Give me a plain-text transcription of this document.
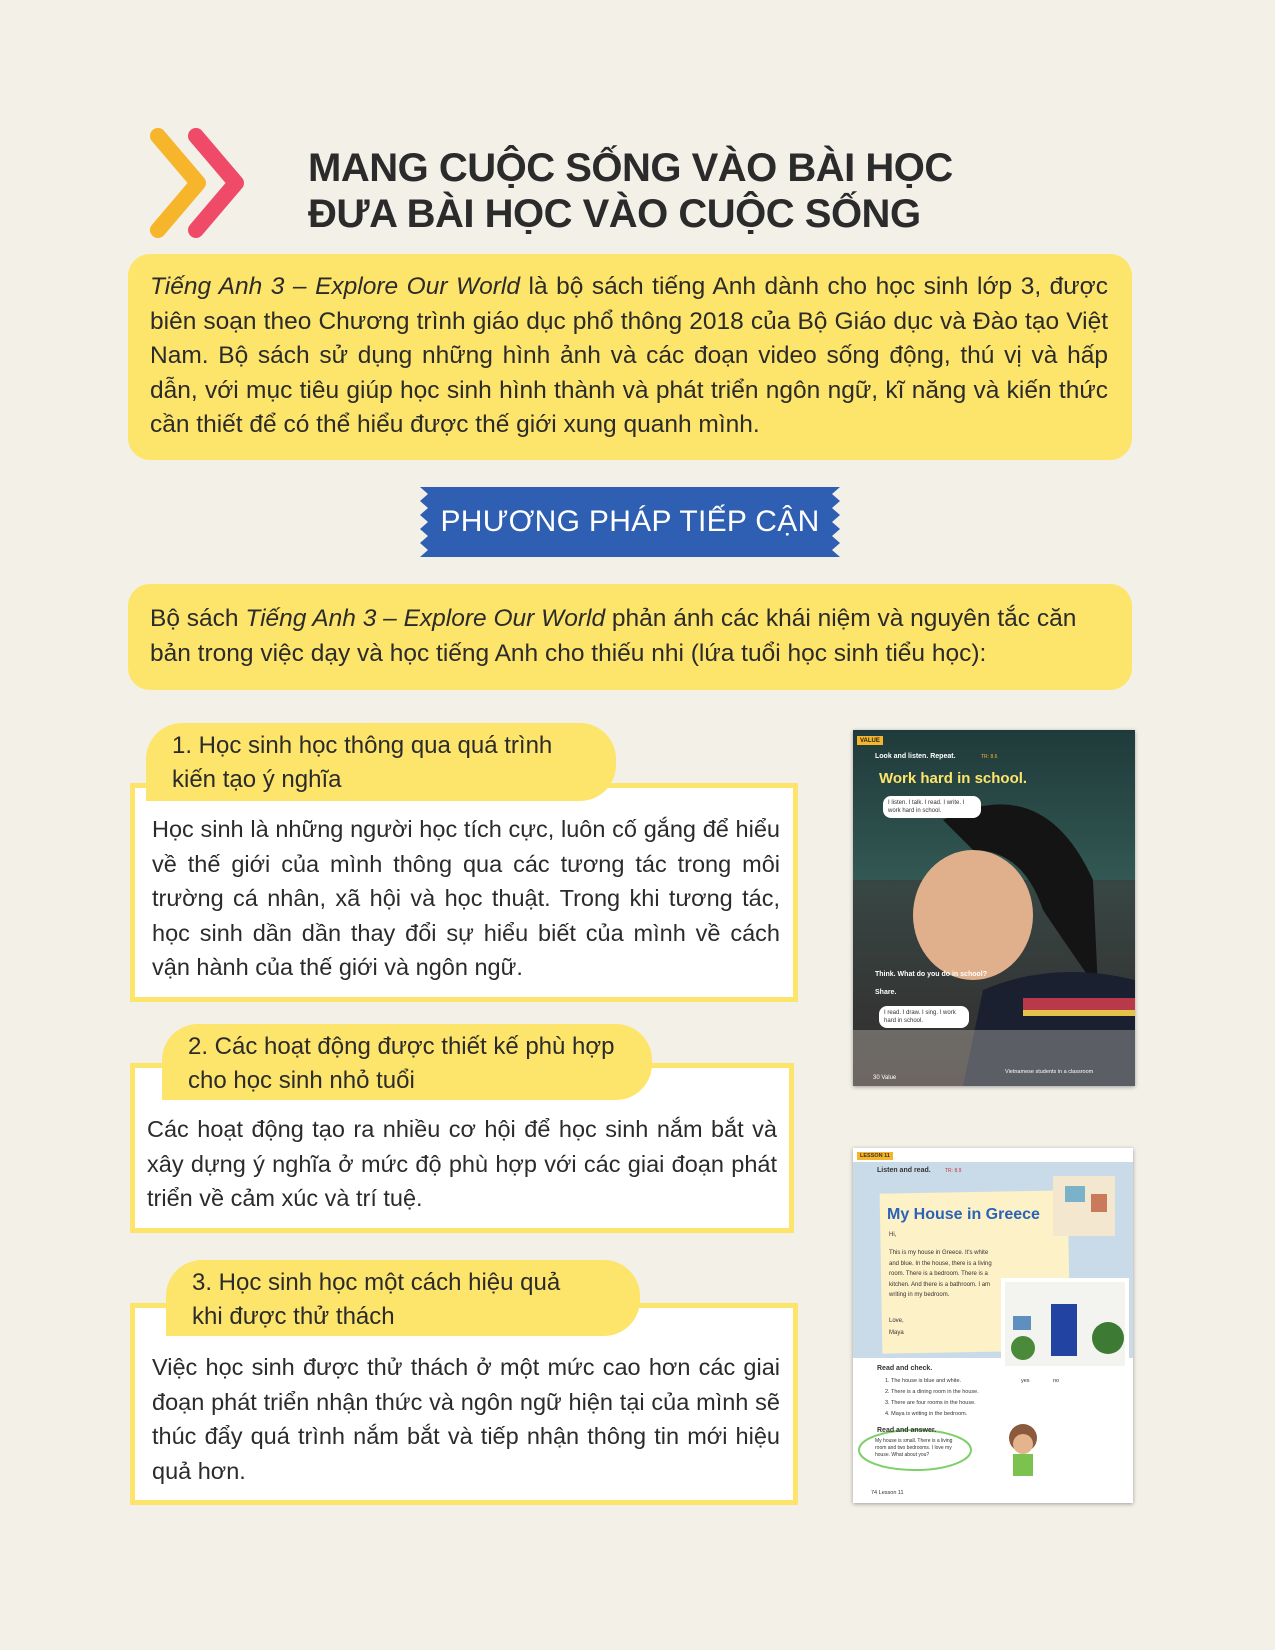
MANG CUỘC SỐNG VÀO BÀI HỌC
ĐƯA BÀI HỌC VÀO CUỘC SỐNG
Tiếng Anh 3 – Explore Our World là bộ sách tiếng Anh dành cho học sinh lớp 3, được biên soạn theo Chương trình giáo dục phổ thông 2018 của Bộ Giáo dục và Đào tạo Việt Nam. Bộ sách sử dụng những hình ảnh và các đoạn video sống động, thú vị và hấp dẫn, với mục tiêu giúp học sinh hình thành và phát triển ngôn ngữ, kĩ năng và kiến thức cần thiết để có thể hiểu được thế giới xung quanh mình.
PHƯƠNG PHÁP TIẾP CẬN
Bộ sách Tiếng Anh 3 – Explore Our World phản ánh các khái niệm và nguyên tắc căn bản trong việc dạy và học tiếng Anh cho thiếu nhi (lứa tuổi học sinh tiểu học):
1. Học sinh học thông qua quá trình
kiến tạo ý nghĩa
Học sinh là những người học tích cực, luôn cố gắng để hiểu về thế giới của mình thông qua các tương tác trong môi trường cá nhân, xã hội và học thuật. Trong khi tương tác, học sinh dần dần thay đổi sự hiểu biết của mình về cách vận hành của thế giới và ngôn ngữ.
2. Các hoạt động được thiết kế phù hợp
cho học sinh nhỏ tuổi
Các hoạt động tạo ra nhiều cơ hội để học sinh nắm bắt và xây dựng ý nghĩa ở mức độ phù hợp với các giai đoạn phát triển về cảm xúc và trí tuệ.
3. Học sinh học một cách hiệu quả
khi được thử thách
Việc học sinh được thử thách ở một mức cao hơn các giai đoạn phát triển nhận thức và ngôn ngữ hiện tại của mình sẽ thúc đẩy quá trình nắm bắt và tiếp nhận thông tin mới hiệu quả hơn.
VALUE
Look and listen. Repeat.	TR: 8.6
Work hard in school.
I listen. I talk. I read. I write. I work hard in school.
Think. What do you do in school?
Share.
I read. I draw. I sing. I work hard in school.
Vietnamese students in a classroom
30 Value
LESSON 11
Listen and read.	TR: 8.9
My House in Greece
Hi,
This is my house in Greece. It's white and blue. In the house, there is a living room. There is a bedroom. There is a kitchen. And there is a bathroom. I am writing in my bedroom.
Love,
Maya
Read and check.
1. The house is blue and white.
2. There is a dining room in the house.
3. There are four rooms in the house.
4. Maya is writing in the bedroom.
yes	no
Read and answer.
My house is small. There is a living room and two bedrooms. I love my house. What about you?
74 Lesson 11
